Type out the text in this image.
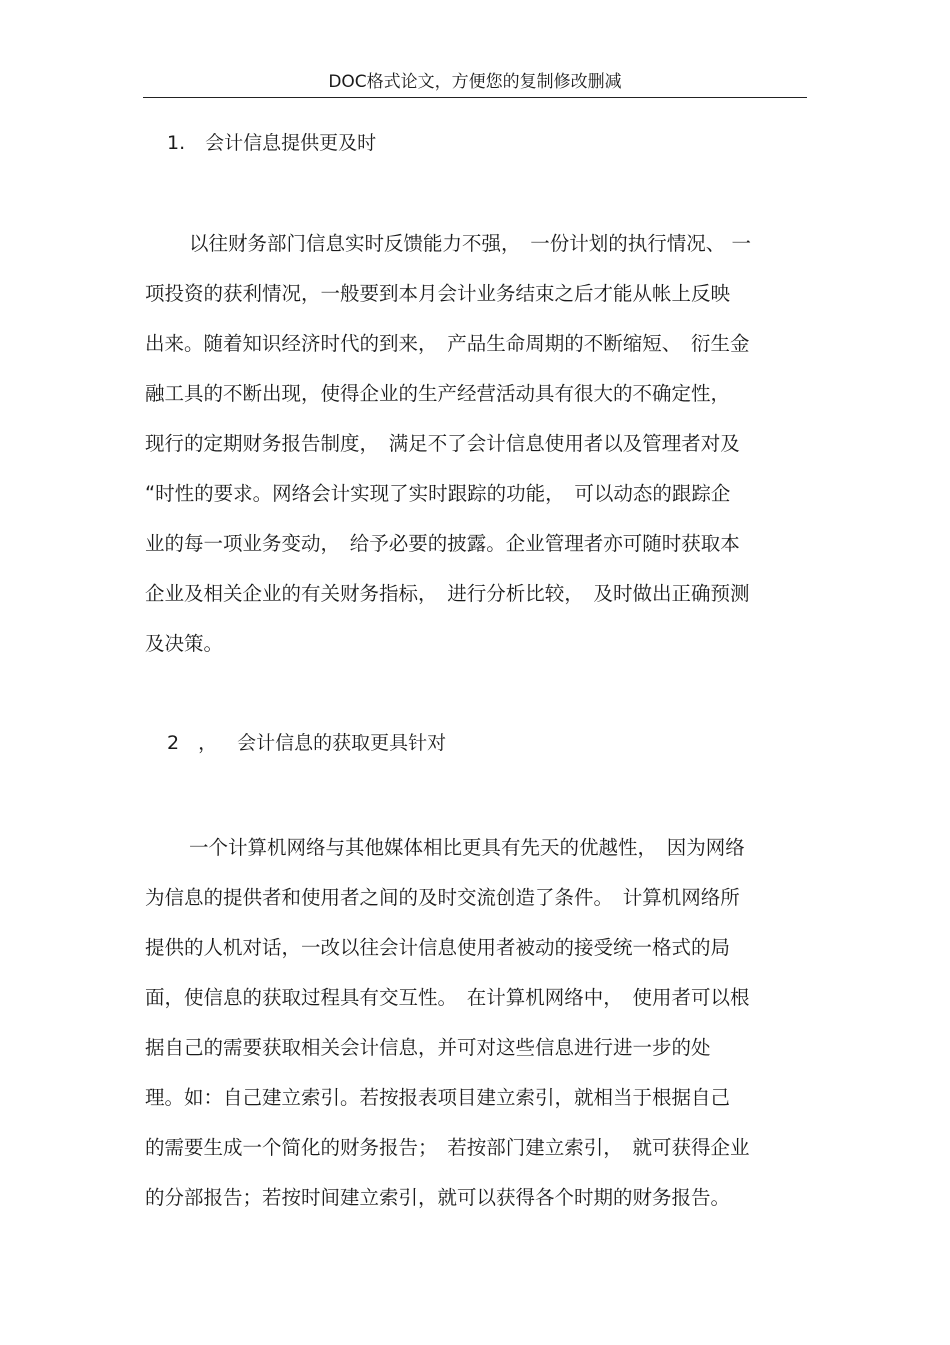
DOC格式论文，方便您的复制修改删减
1. 会计信息提供更及时
以往财务部门信息实时反馈能力不强，　一份计划的执行情况、 一
项投资的获利情况，一般要到本月会计业务结束之后才能从帐上反映
出来。随着知识经济时代的到来，　产品生命周期的不断缩短、　衍生金
融工具的不断出现，使得企业的生产经营活动具有很大的不确定性，
现行的定期财务报告制度，　满足不了会计信息使用者以及管理者对及
“时性的要求。网络会计实现了实时跟踪的功能，　可以动态的跟踪企
业的每一项业务变动，　给予必要的披露。企业管理者亦可随时获取本
企业及相关企业的有关财务指标，　进行分析比较，　及时做出正确预测
及决策。
2　， 会计信息的获取更具针对
一个计算机网络与其他媒体相比更具有先天的优越性，　因为网络
为信息的提供者和使用者之间的及时交流创造了条件。　计算机网络所
提供的人机对话，一改以往会计信息使用者被动的接受统一格式的局
面，使信息的获取过程具有交互性。　在计算机网络中，　使用者可以根
据自己的需要获取相关会计信息，并可对这些信息进行进一步的处
理。如：自己建立索引。若按报表项目建立索引，就相当于根据自己
的需要生成一个简化的财务报告；　若按部门建立索引，　就可获得企业
的分部报告；若按时间建立索引，就可以获得各个时期的财务报告。
